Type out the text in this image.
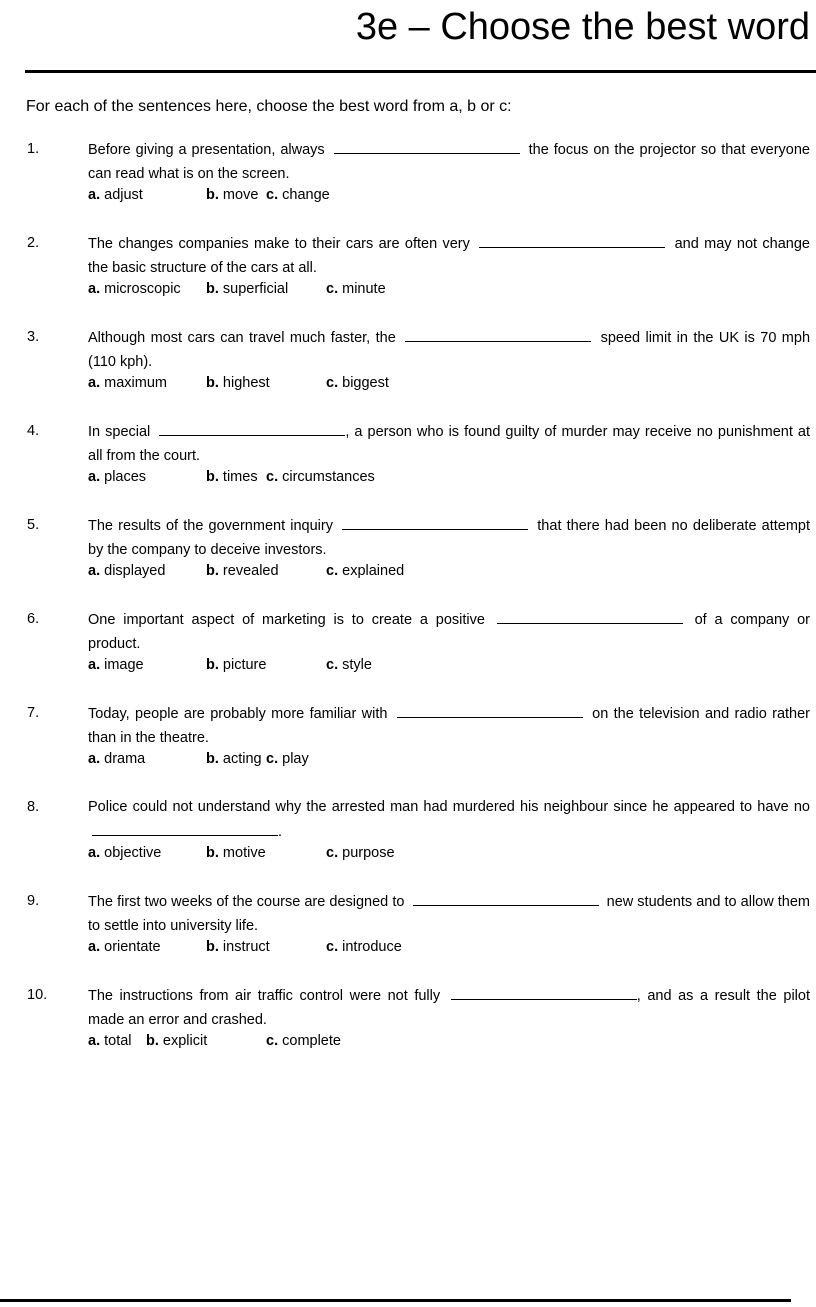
3e – Choose the best word

For each of the sentences here, choose the best word from a, b or c:

1.	Before giving a presentation, always	the focus on the projector so that everyone can read what is on the screen.

a. adjust	b. move c. change
2.	The changes companies make to their cars are often very	and may not change the basic structure of the cars at all.

a. microscopic b. superficial	c. minute
3.	Although most cars can travel much faster, the	speed limit in the UK is 70 mph (110 kph).

a. maximum	b. highest	c. biggest
4.	In special	, a person who is found guilty of murder may receive no punishment at all from the court.

a. places	b. times c. circumstances
5.	The results of the government inquiry	that there had been no deliberate attempt by the company to deceive investors.

a. displayed	b. revealed	c. explained
6.	One important aspect of marketing is to create a positive	of a company or product.

a. image	b. picture	c. style
7.	Today, people are probably more familiar with	on the television and radio rather than in the theatre.

a. drama	b. acting c. play
8.	Police could not understand why the arrested man had murdered his neighbour since he appeared to have no .

a. objective	b. motive	c. purpose
9.	The first two weeks of the course are designed to	new students and to allow them to settle into university life.

a. orientate	b. instruct	c. introduce
10.	The instructions from air traffic control were not fully	, and as a result the pilot made an error and crashed.

a. total b. explicit	c. complete
